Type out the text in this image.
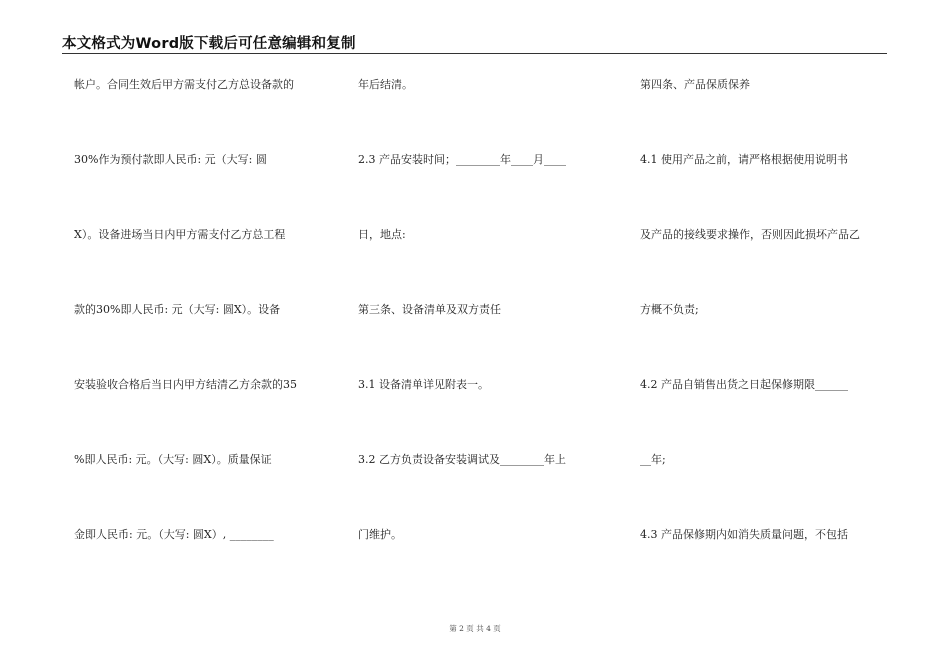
本文格式为Word版下载后可任意编辑和复制
帐户。合同生效后甲方需支付乙方总设备款的
30%作为预付款即人民币: 元（大写: 圆
X）。设备进场当日内甲方需支付乙方总工程
款的30%即人民币: 元（大写: 圆X）。设备
安装验收合格后当日内甲方结清乙方余款的35
%即人民币: 元。（大写: 圆X）。质量保证
金即人民币: 元。（大写: 圆X）, ________
年后结清。
2.3 产品安装时间；________年____月____
日，地点:
第三条、设备清单及双方责任
3.1 设备清单详见附表一。
3.2 乙方负责设备安装调试及________年上
门维护。
第四条、产品保质保养
4.1 使用产品之前，请严格根据使用说明书
及产品的接线要求操作，否则因此损坏产品乙
方概不负责;
4.2 产品自销售出货之日起保修期限______
__年;
4.3 产品保修期内如消失质量问题，不包括
第 2 页 共 4 页
